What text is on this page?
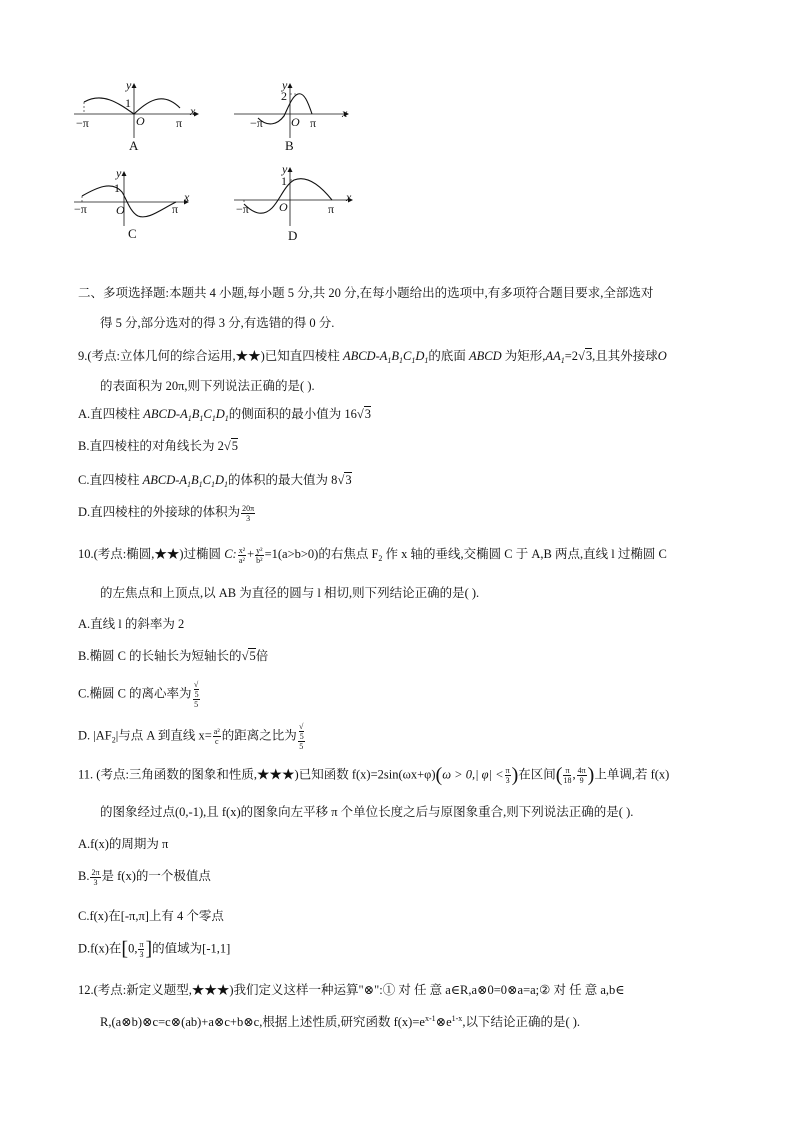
y
x
1
O
−π	π
A
y
x
2
O
−π	π
B
y
x
1
O
−π	π
C
y
x
1
O
−π	π
D
二、多项选择题:本题共 4 小题,每小题 5 分,共 20 分,在每小题给出的选项中,有多项符合题目要求,全部选对
得 5 分,部分选对的得 3 分,有选错的得 0 分.
9.(考点:立体几何的综合运用,★★)已知直四棱柱 ABCD-$A_1B_1C_1D_1$的底面 ABCD 为矩形$,AA_1=2√3$,且其外接球O
的表面积为 20π,则下列说法正确的是( ).
A.直四棱柱 ABCD-$A_1B_1C_1D_1$的侧面积的最小值为 16√3
B.直四棱柱的对角线长为 2√5
C.直四棱柱 ABCD-$A_1B_1C_1D_1$的体积的最大值为 8√3
D.直四棱柱的外接球的体积为 $\frac{20\pi}{3}$
10.(考点:椭圆,★★)过椭圆 C: $\frac{\text{x²}}{\text{a²}} + \frac{\text{y²}}{\text{b²}} =1(a>b>0)$的右焦点 $F_2$ 作 x 轴的垂线,交椭圆 C 于 A,B 两点,直线 l 过椭圆 C
的左焦点和上顶点,以 AB 为直径的圆与 l 相切,则下列结论正确的是( ).
A.直线 l 的斜率为 2
B.椭圆 C 的长轴长为短轴长的√5倍
C.椭圆 C 的离心率为 √
5
5
D. $|AF_2|$与点 A 到直线 $x= \frac{\text{a²}}{c}$ 的距离之比为 √
5
5
11. (考点:三角函数的图象和性质,★★★)已知函数 f(x)=2sin(ωx+φ)(ω > 0,| $\varphi| < \frac{\pi}{3}$ )在区间( $\frac{\pi}{18}$ , $\frac{4\pi}{9}$ )上单调,若 f(x)
的图象经过点(0,-1),且 f(x)的图象向左平移 π 个单位长度之后与原图象重合,则下列说法正确的是( ).
A.f(x)的周期为 π
B. $\frac{2\pi}{3}$ 是 f(x)的一个极值点
C.f(x)在[-π,π]上有 4 个零点
D.f(x)在[0, $\frac{\pi}{3}$ ]的值域为[-1,1]
12.(考点:新定义题型,★★★)我们定义这样一种运算"⊗":① 对 任 意 a∈R,a⊗0=0⊗a=a;② 对 任 意 a,b∈
R,(a⊗b)⊗c=c⊗(ab)+a⊗c+b⊗c,根据上述性质,研究函数 $f(x)=e^{x-1}\otimes e^{1-x}$,以下结论正确的是( ).
